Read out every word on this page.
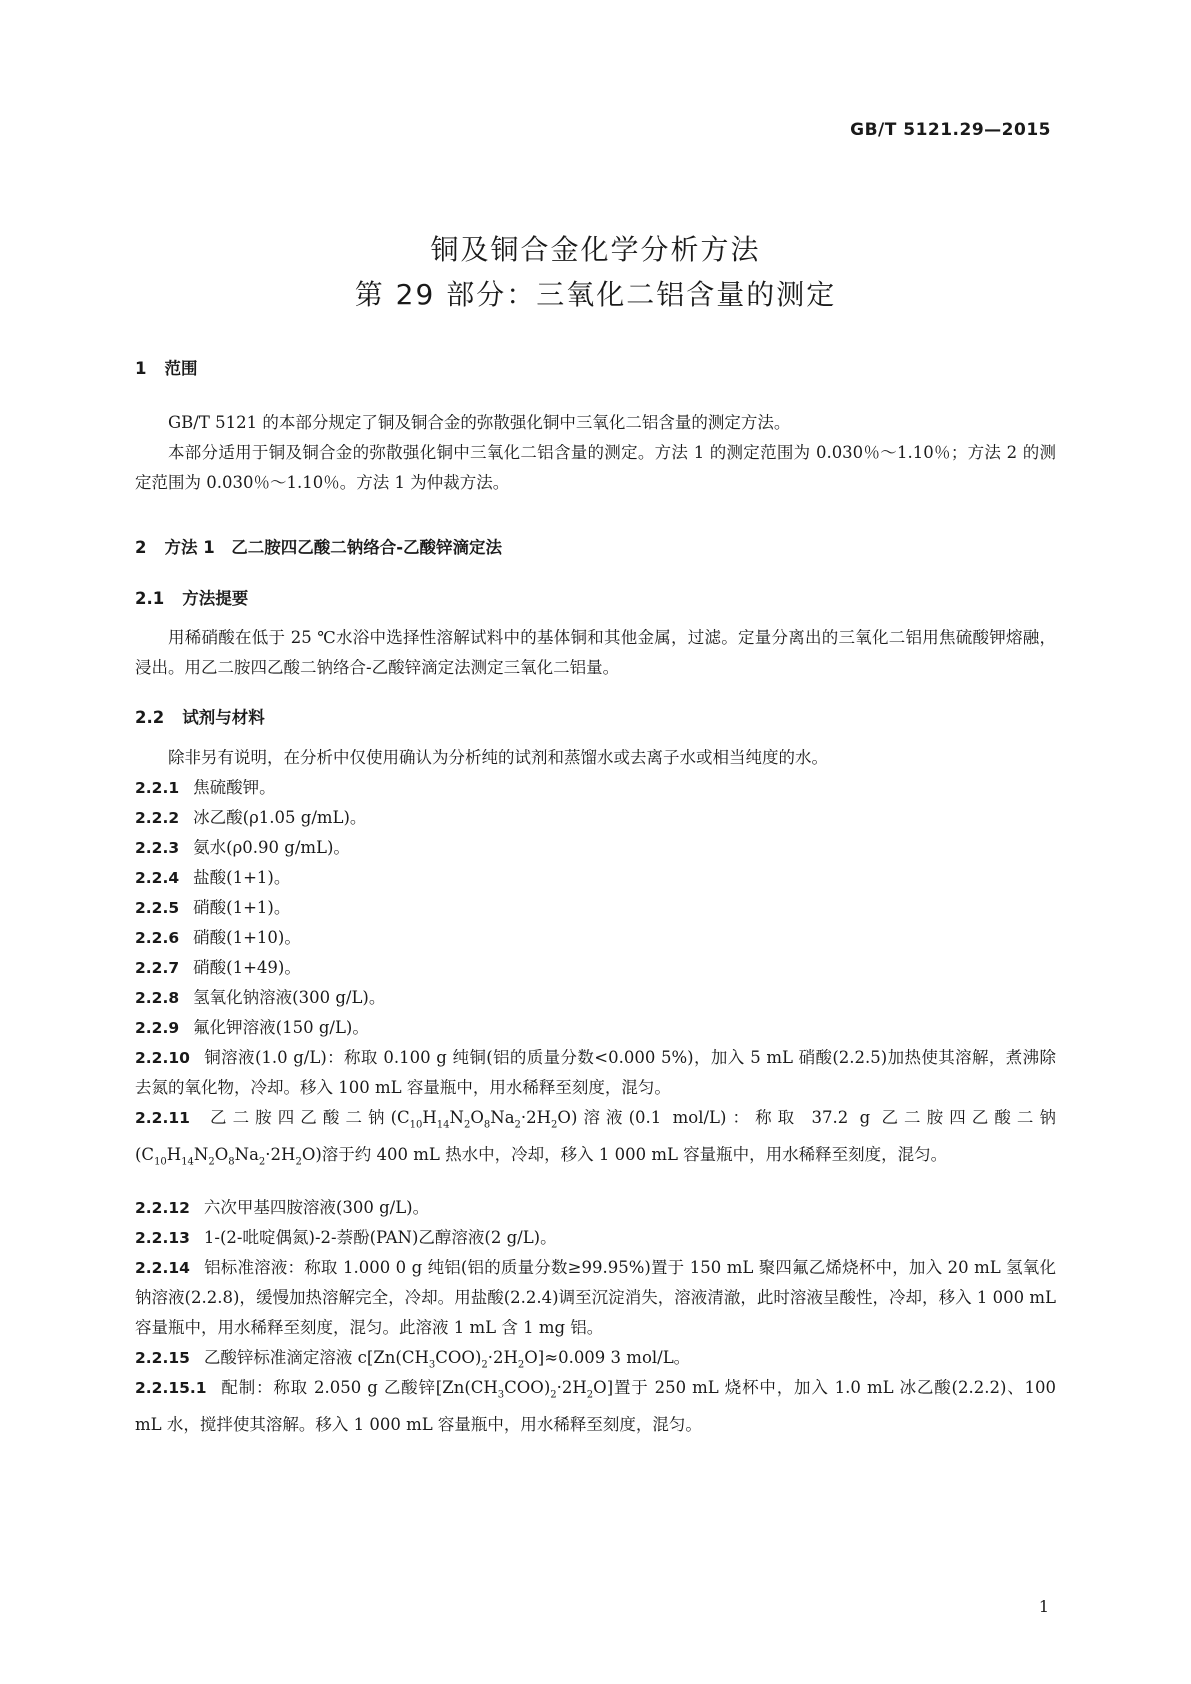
GB/T 5121.29—2015
铜及铜合金化学分析方法
第 29 部分：三氧化二铝含量的测定
1 范围
GB/T 5121 的本部分规定了铜及铜合金的弥散强化铜中三氧化二铝含量的测定方法。
本部分适用于铜及铜合金的弥散强化铜中三氧化二铝含量的测定。方法 1 的测定范围为 0.030％～1.10％；方法 2 的测定范围为 0.030％～1.10％。方法 1 为仲裁方法。
2 方法 1　乙二胺四乙酸二钠络合-乙酸锌滴定法
2.1 方法提要
用稀硝酸在低于 25 ℃水浴中选择性溶解试料中的基体铜和其他金属，过滤。定量分离出的三氧化二铝用焦硫酸钾熔融，浸出。用乙二胺四乙酸二钠络合-乙酸锌滴定法测定三氧化二铝量。
2.2 试剂与材料
除非另有说明，在分析中仅使用确认为分析纯的试剂和蒸馏水或去离子水或相当纯度的水。
2.2.1 焦硫酸钾。
2.2.2 冰乙酸(ρ1.05 g/mL)。
2.2.3 氨水(ρ0.90 g/mL)。
2.2.4 盐酸(1+1)。
2.2.5 硝酸(1+1)。
2.2.6 硝酸(1+10)。
2.2.7 硝酸(1+49)。
2.2.8 氢氧化钠溶液(300 g/L)。
2.2.9 氟化钾溶液(150 g/L)。
2.2.10 铜溶液(1.0 g/L)：称取 0.100 g 纯铜(铝的质量分数<0.000 5%)，加入 5 mL 硝酸(2.2.5)加热使其溶解，煮沸除去氮的氧化物，冷却。移入 100 mL 容量瓶中，用水稀释至刻度，混匀。
2.2.11 乙二胺四乙酸二钠$(C_{10}H_{14}N_2O_8Na_2\cdot 2H_2O)$溶液(0.1 mol/L)：称取 37.2 g 乙二胺四乙酸二钠$(C_{10}H_{14}N_2O_8Na_2\cdot 2H_2O)$溶于约 400 mL 热水中，冷却，移入 1 000 mL 容量瓶中，用水稀释至刻度，混匀。
2.2.12 六次甲基四胺溶液(300 g/L)。
2.2.13 1-(2-吡啶偶氮)-2-萘酚(PAN)乙醇溶液(2 g/L)。
2.2.14 铝标准溶液：称取 1.000 0 g 纯铝(铝的质量分数≥99.95%)置于 150 mL 聚四氟乙烯烧杯中，加入 20 mL 氢氧化钠溶液(2.2.8)，缓慢加热溶解完全，冷却。用盐酸(2.2.4)调至沉淀消失，溶液清澈，此时溶液呈酸性，冷却，移入 1 000 mL 容量瓶中，用水稀释至刻度，混匀。此溶液 1 mL 含 1 mg 铝。
2.2.15 乙酸锌标准滴定溶液 $c[Zn(CH_3COO)_2\cdot 2H_2O]\approx 0.009$ 3 mol/L。
2.2.15.1 配制：称取 2.050 g 乙酸锌$[Zn(CH_3COO)_2\cdot 2H_2O]$置于 250 mL 烧杯中，加入 1.0 mL 冰乙酸(2.2.2)、100 mL 水，搅拌使其溶解。移入 1 000 mL 容量瓶中，用水稀释至刻度，混匀。
1
